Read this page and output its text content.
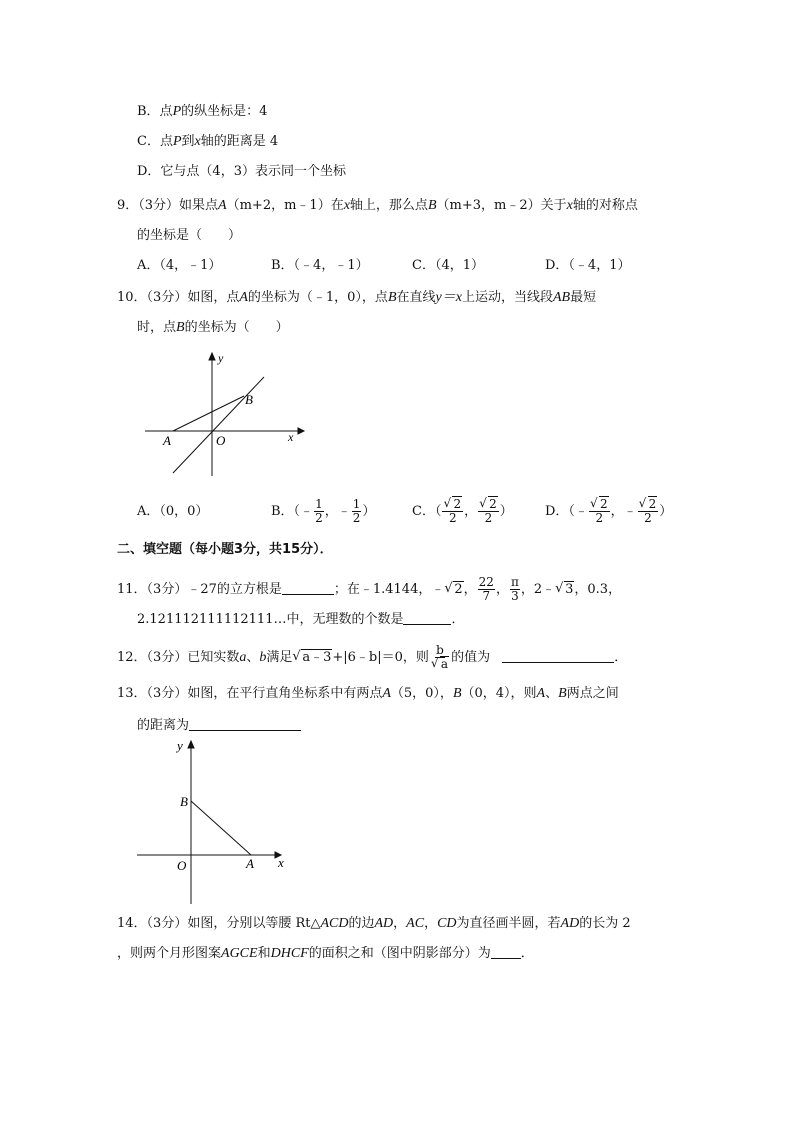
B．点P的纵坐标是：4
C．点P到x轴的距离是 4
D．它与点（4，3）表示同一个坐标
9．（3分）如果点A（m+2，m﹣1）在x轴上，那么点B（m+3，m﹣2）关于x轴的对称点
的坐标是（　　）
A．（4，﹣1）	B．（﹣4，﹣1）	C．（4，1）	D．（﹣4，1）
10．（3分）如图，点A的坐标为（﹣1，0），点B在直线y＝x上运动，当线段AB最短
时，点B的坐标为（　　）
y
x
A	O
B
A．（0，0）	B．（﹣ $\frac{1}{2}$ ，﹣ $\frac{1}{2}$ ）	C．（ √ $\frac{2}{2}$ ， √ $\frac{2}{2}$ ） D．（﹣ √ $\frac{2}{2}$ ，﹣ √ $\frac{2}{2}$ ）
二、填空题（每小题3分，共15分）．
11．（3分）﹣27的立方根是	；在﹣1.4144，﹣ √ 2， $\frac{22}{7}$ ， $\frac{\pi}{3}$ ，2﹣ √ 3，0.3，
2.121112111112111…中，无理数的个数是	．
12．（3分）已知实数a、b满足 √ a﹣3+|6﹣b|＝0，则 b
√ a 的值为	．
13．（3分）如图，在平行直角坐标系中有两点A（5，0），B（0，4），则A、B两点之间
的距离为
y
x
B
O	A
14．（3分）如图，分别以等腰 Rt△ACD的边AD，AC，CD为直径画半圆，若AD的长为 2
，则两个月形图案AGCE和DHCF的面积之和（图中阴影部分）为 ．
